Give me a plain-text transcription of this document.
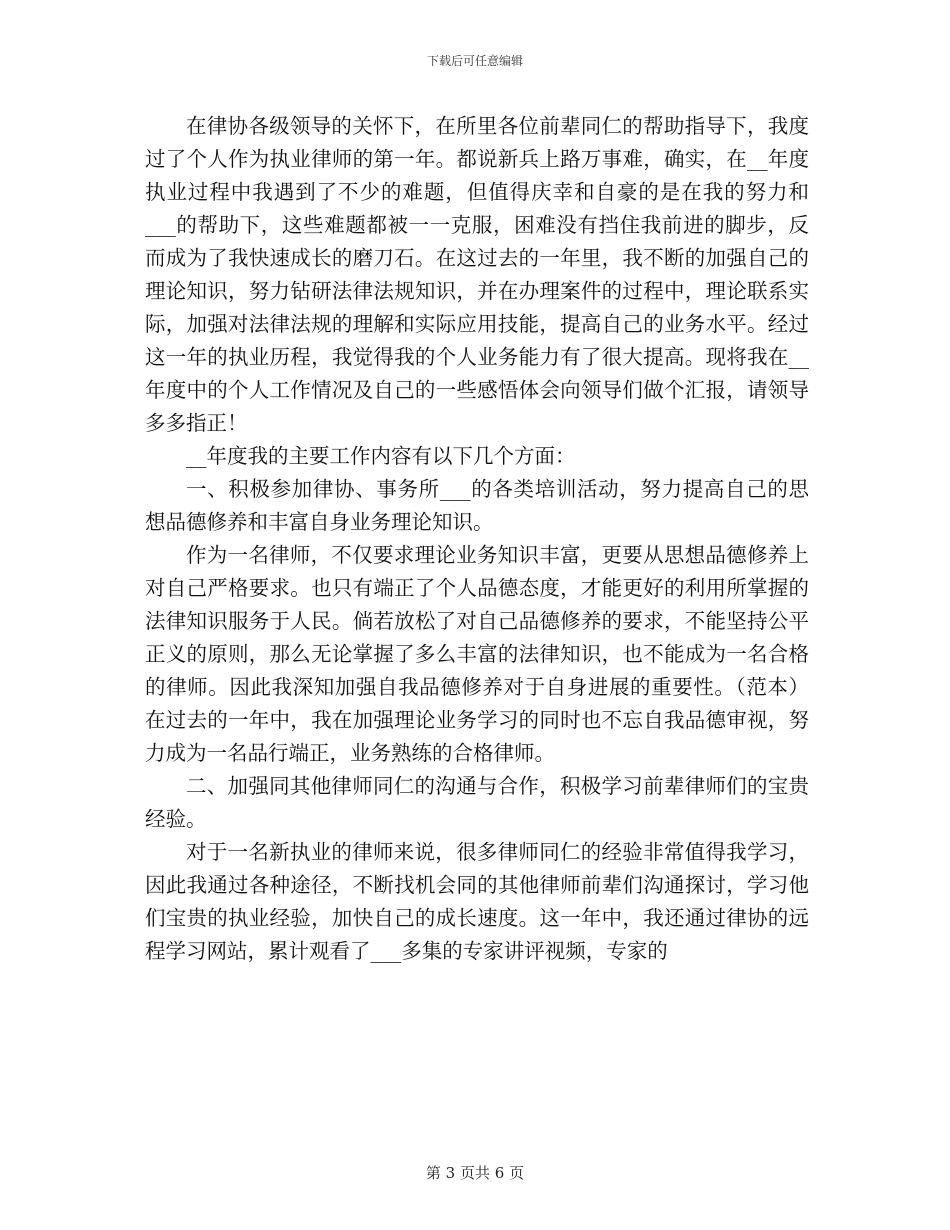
下载后可任意编辑

在律协各级领导的关怀下，在所里各位前辈同仁的帮助指导下，我度过了个人作为执业律师的第一年。都说新兵上路万事难，确实，在__年度执业过程中我遇到了不少的难题，但值得庆幸和自豪的是在我的努力和___的帮助下，这些难题都被一一克服，困难没有挡住我前进的脚步，反而成为了我快速成长的磨刀石。在这过去的一年里，我不断的加强自己的理论知识，努力钻研法律法规知识，并在办理案件的过程中，理论联系实际，加强对法律法规的理解和实际应用技能，提高自己的业务水平。经过这一年的执业历程，我觉得我的个人业务能力有了很大提高。现将我在__年度中的个人工作情况及自己的一些感悟体会向领导们做个汇报，请领导多多指正！

__年度我的主要工作内容有以下几个方面：

一、积极参加律协、事务所___的各类培训活动，努力提高自己的思想品德修养和丰富自身业务理论知识。

作为一名律师，不仅要求理论业务知识丰富，更要从思想品德修养上对自己严格要求。也只有端正了个人品德态度，才能更好的利用所掌握的法律知识服务于人民。倘若放松了对自己品德修养的要求，不能坚持公平正义的原则，那么无论掌握了多么丰富的法律知识，也不能成为一名合格的律师。因此我深知加强自我品德修养对于自身进展的重要性。（范本）在过去的一年中，我在加强理论业务学习的同时也不忘自我品德审视，努力成为一名品行端正，业务熟练的合格律师。

二、加强同其他律师同仁的沟通与合作，积极学习前辈律师们的宝贵经验。

对于一名新执业的律师来说，很多律师同仁的经验非常值得我学习，因此我通过各种途径，不断找机会同的其他律师前辈们沟通探讨，学习他们宝贵的执业经验，加快自己的成长速度。这一年中，我还通过律协的远程学习网站，累计观看了___多集的专家讲评视频，专家的

第 3 页共 6 页
